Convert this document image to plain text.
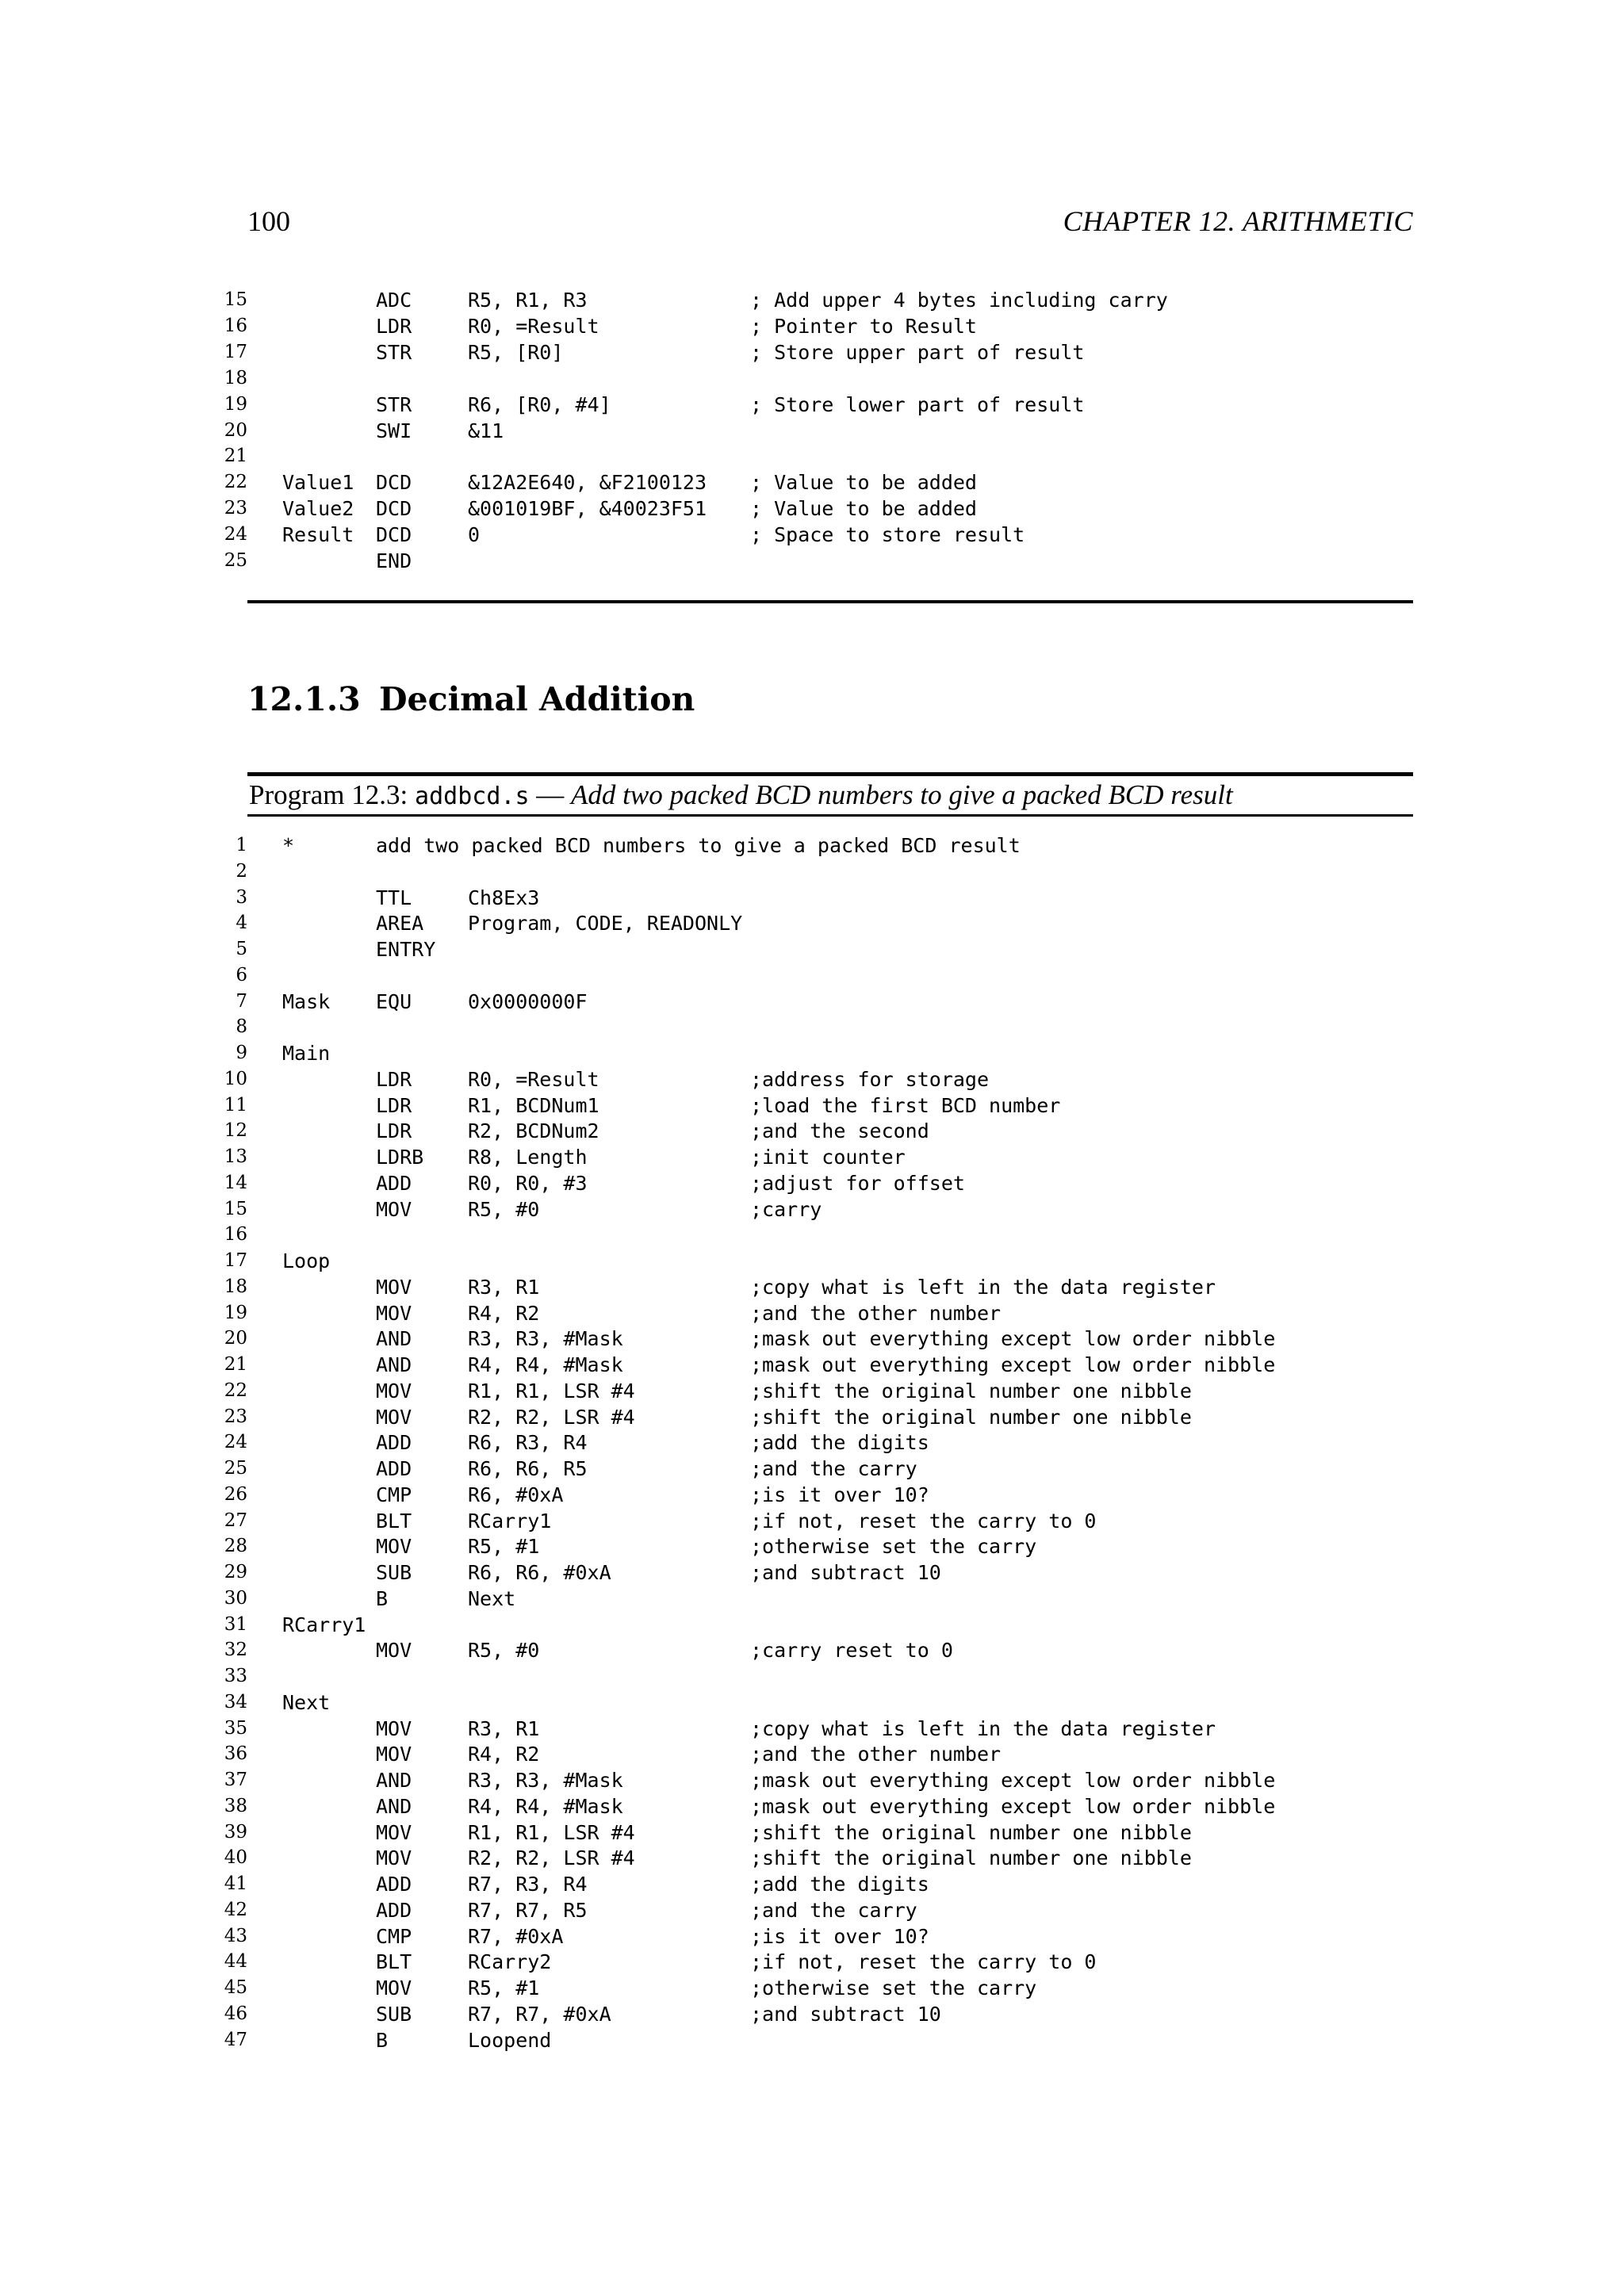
100	CHAPTER 12. ARITHMETIC
15	ADC	R5, R1, R3	; Add upper 4 bytes including carry
16	LDR	R0, =Result	; Pointer to Result
17	STR	R5, [R0]	; Store upper part of result
18
19	STR	R6, [R0, #4]	; Store lower part of result
20	SWI	&11
21
22 Value1 DCD	&12A2E640, &F2100123 ; Value to be added
23 Value2 DCD	&001019BF, &40023F51 ; Value to be added
24 Result DCD	0	; Space to store result
25	END
12.1.3 Decimal Addition
Program 12.3: addbcd.s — Add two packed BCD numbers to give a packed BCD result
1 *	add two packed BCD numbers to give a packed BCD result
2
3	TTL	Ch8Ex3
4	AREA Program, CODE, READONLY
5	ENTRY
6
7 Mask EQU	0x0000000F
8
9 Main
10	LDR	R0, =Result	;address for storage
11	LDR	R1, BCDNum1	;load the first BCD number
12	LDR	R2, BCDNum2	;and the second
13	LDRB R8, Length	;init counter
14	ADD	R0, R0, #3	;adjust for offset
15	MOV	R5, #0	;carry
16
17 Loop
18	MOV	R3, R1	;copy what is left in the data register
19	MOV	R4, R2	;and the other number
20	AND	R3, R3, #Mask	;mask out everything except low order nibble
21	AND	R4, R4, #Mask	;mask out everything except low order nibble
22	MOV	R1, R1, LSR #4	;shift the original number one nibble
23	MOV	R2, R2, LSR #4	;shift the original number one nibble
24	ADD	R6, R3, R4	;add the digits
25	ADD	R6, R6, R5	;and the carry
26	CMP	R6, #0xA	;is it over 10?
27	BLT	RCarry1	;if not, reset the carry to 0
28	MOV	R5, #1	;otherwise set the carry
29	SUB	R6, R6, #0xA	;and subtract 10
30	B	Next
31 RCarry1
32	MOV	R5, #0	;carry reset to 0
33
34 Next
35	MOV	R3, R1	;copy what is left in the data register
36	MOV	R4, R2	;and the other number
37	AND	R3, R3, #Mask	;mask out everything except low order nibble
38	AND	R4, R4, #Mask	;mask out everything except low order nibble
39	MOV	R1, R1, LSR #4	;shift the original number one nibble
40	MOV	R2, R2, LSR #4	;shift the original number one nibble
41	ADD	R7, R3, R4	;add the digits
42	ADD	R7, R7, R5	;and the carry
43	CMP	R7, #0xA	;is it over 10?
44	BLT	RCarry2	;if not, reset the carry to 0
45	MOV	R5, #1	;otherwise set the carry
46	SUB	R7, R7, #0xA	;and subtract 10
47	B	Loopend
